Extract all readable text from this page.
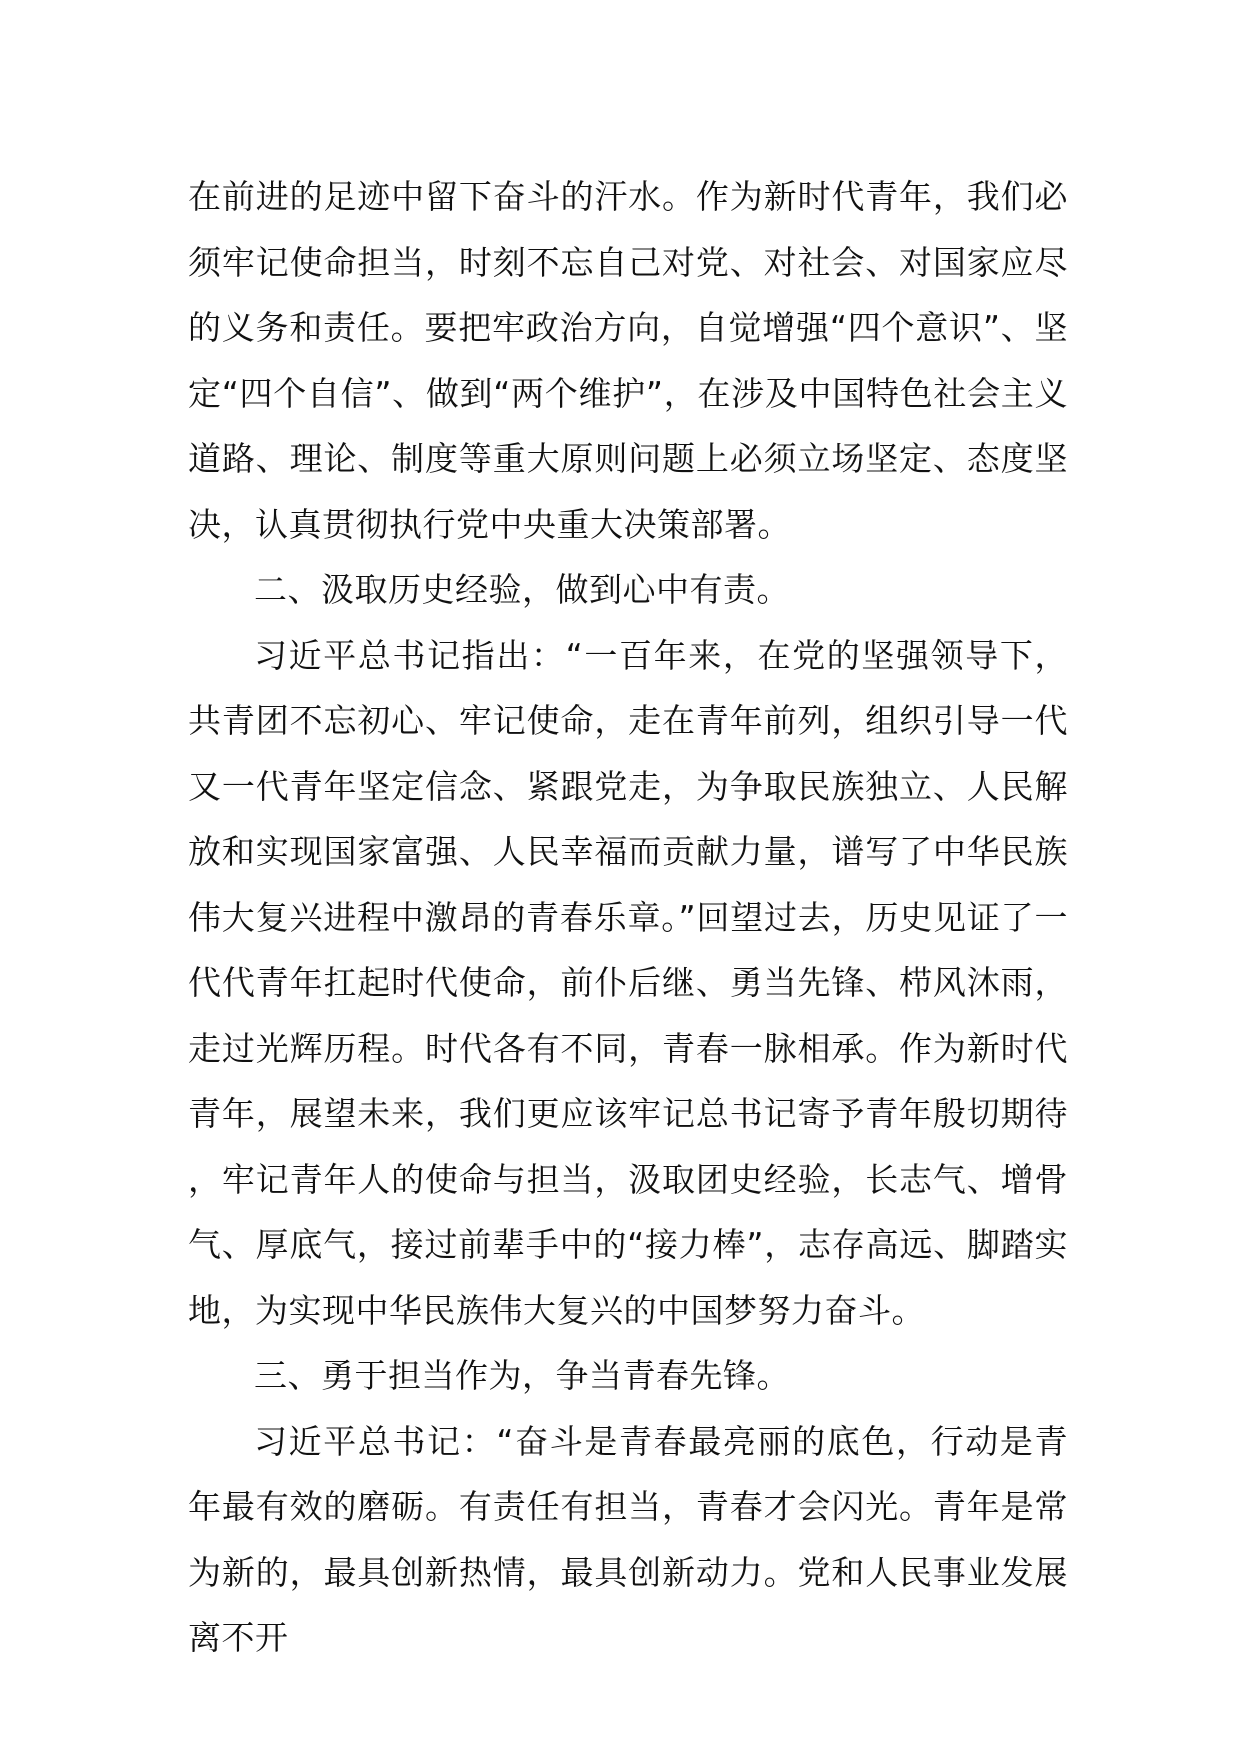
在前进的足迹中留下奋斗的汗水。作为新时代青年，我们必须牢记使命担当，时刻不忘自己对党、对社会、对国家应尽的义务和责任。要把牢政治方向，自觉增强“四个意识”、坚定“四个自信”、做到“两个维护”，在涉及中国特色社会主义道路、理论、制度等重大原则问题上必须立场坚定、态度坚决，认真贯彻执行党中央重大决策部署。

二、汲取历史经验，做到心中有责。

习近平总书记指出：“一百年来，在党的坚强领导下，共青团不忘初心、牢记使命，走在青年前列，组织引导一代又一代青年坚定信念、紧跟党走，为争取民族独立、人民解放和实现国家富强、人民幸福而贡献力量，谱写了中华民族伟大复兴进程中激昂的青春乐章。”回望过去，历史见证了一代代青年扛起时代使命，前仆后继、勇当先锋、栉风沐雨，走过光辉历程。时代各有不同，青春一脉相承。作为新时代青年，展望未来，我们更应该牢记总书记寄予青年殷切期待，牢记青年人的使命与担当，汲取团史经验，长志气、增骨气、厚底气，接过前辈手中的“接力棒”，志存高远、脚踏实地，为实现中华民族伟大复兴的中国梦努力奋斗。

三、勇于担当作为，争当青春先锋。

习近平总书记：“奋斗是青春最亮丽的底色，行动是青年最有效的磨砺。有责任有担当，青春才会闪光。青年是常为新的，最具创新热情，最具创新动力。党和人民事业发展离不开
